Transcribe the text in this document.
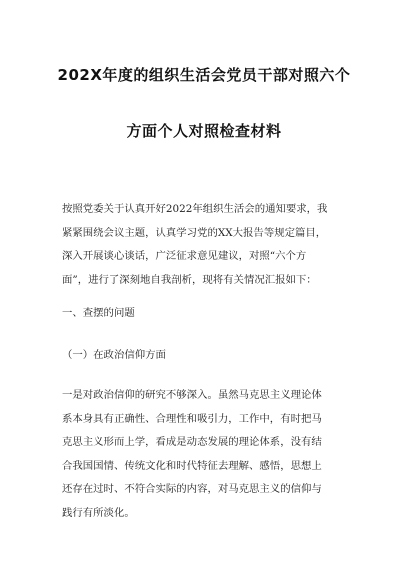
202X年度的组织生活会党员干部对照六个
方面个人对照检查材料
按照党委关于认真开好2022年组织生活会的通知要求，我
紧紧围绕会议主题，认真学习党的XX大报告等规定篇目，
深入开展谈心谈话，广泛征求意见建议，对照“六个方
面”，进行了深刻地自我剖析，现将有关情况汇报如下：
一、查摆的问题
（一）在政治信仰方面
一是对政治信仰的研究不够深入。虽然马克思主义理论体
系本身具有正确性、合理性和吸引力，工作中，有时把马
克思主义形而上学，看成是动态发展的理论体系，没有结
合我国国情、传统文化和时代特征去理解、感悟，思想上
还存在过时、不符合实际的内容，对马克思主义的信仰与
践行有所淡化。
